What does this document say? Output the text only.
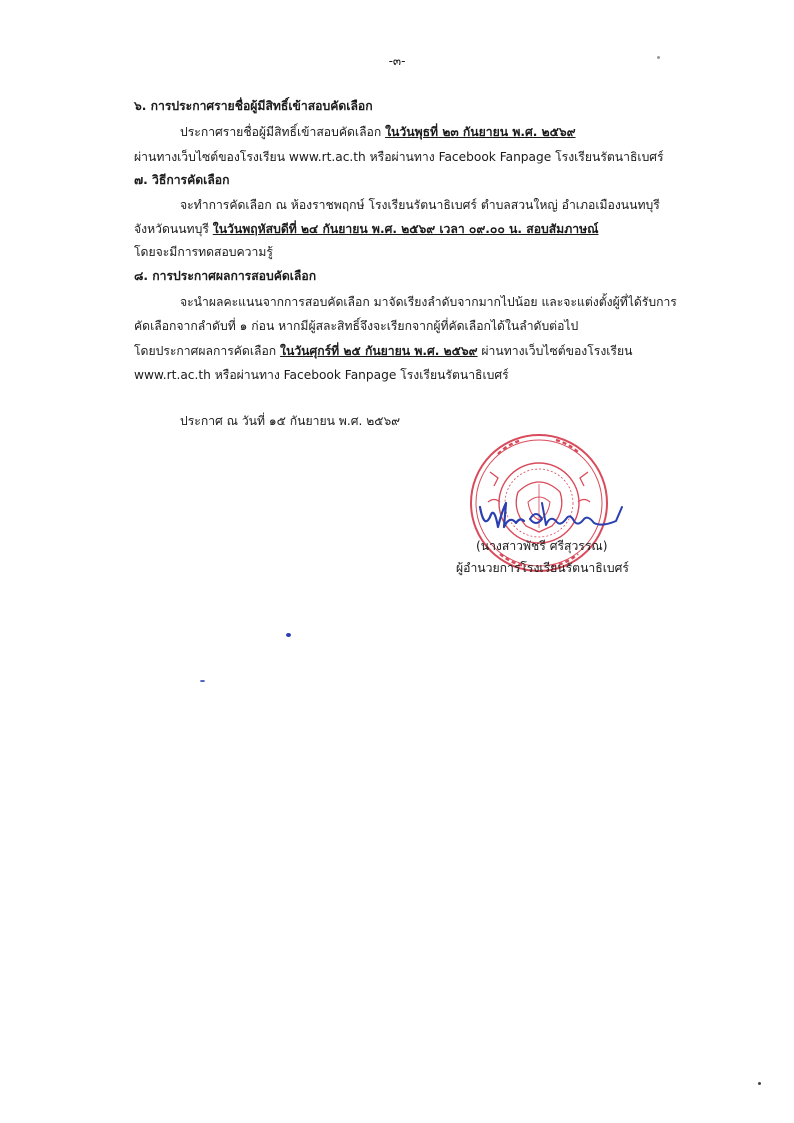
-๓-
๖. การประกาศรายชื่อผู้มีสิทธิ์เข้าสอบคัดเลือก
ประกาศรายชื่อผู้มีสิทธิ์เข้าสอบคัดเลือก ในวันพุธที่ ๒๓ กันยายน พ.ศ. ๒๕๖๙
ผ่านทางเว็บไซต์ของโรงเรียน www.rt.ac.th หรือผ่านทาง Facebook Fanpage โรงเรียนรัตนาธิเบศร์
๗. วิธีการคัดเลือก
จะทำการคัดเลือก ณ ห้องราชพฤกษ์ โรงเรียนรัตนาธิเบศร์ ตำบลสวนใหญ่ อำเภอเมืองนนทบุรี
จังหวัดนนทบุรี ในวันพฤหัสบดีที่ ๒๔ กันยายน พ.ศ. ๒๕๖๙ เวลา ๐๙.๐๐ น. สอบสัมภาษณ์
โดยจะมีการทดสอบความรู้
๘. การประกาศผลการสอบคัดเลือก
จะนำผลคะแนนจากการสอบคัดเลือก มาจัดเรียงลำดับจากมากไปน้อย และจะแต่งตั้งผู้ที่ได้รับการ
คัดเลือกจากลำดับที่ ๑ ก่อน หากมีผู้สละสิทธิ์จึงจะเรียกจากผู้ที่คัดเลือกได้ในลำดับต่อไป
โดยประกาศผลการคัดเลือก ในวันศุกร์ที่ ๒๕ กันยายน พ.ศ. ๒๕๖๙ ผ่านทางเว็บไซต์ของโรงเรียน
www.rt.ac.th หรือผ่านทาง Facebook Fanpage โรงเรียนรัตนาธิเบศร์
ประกาศ ณ วันที่ ๑๕ กันยายน พ.ศ. ๒๕๖๙
(นางสาวพัชรี ศรีสุวรรณ)
ผู้อำนวยการโรงเรียนรัตนาธิเบศร์
